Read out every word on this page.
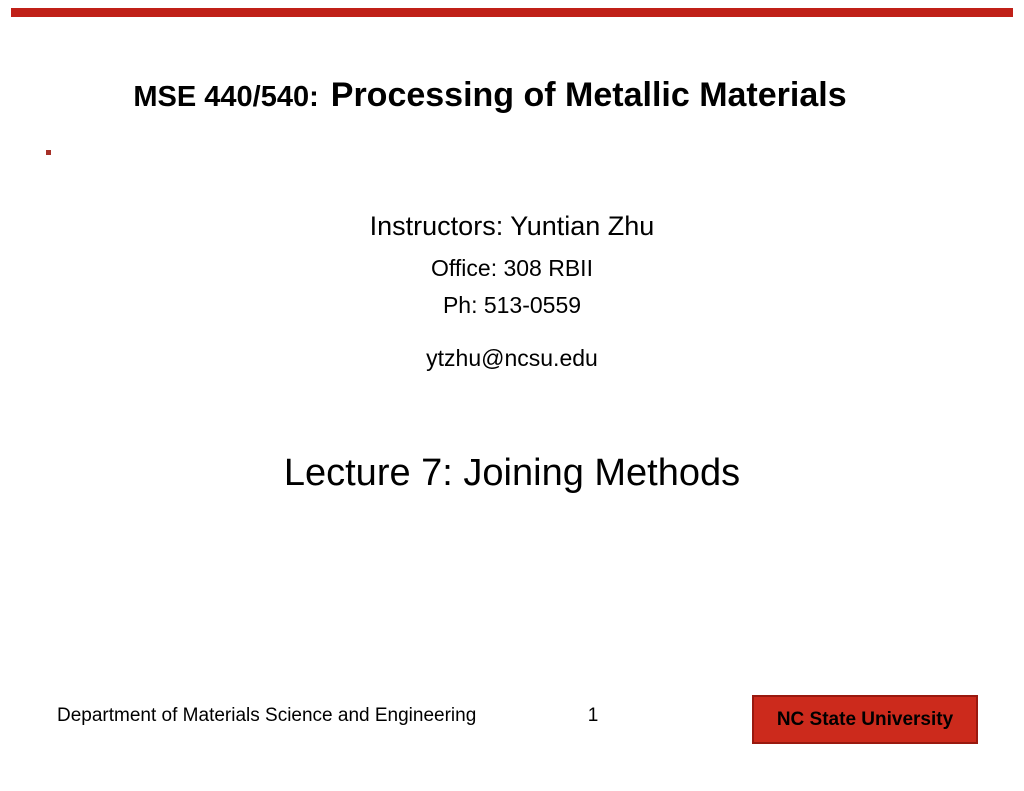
MSE 440/540: Processing of Metallic Materials
Instructors: Yuntian Zhu
Office: 308 RBII
Ph: 513-0559
ytzhu@ncsu.edu
Lecture 7: Joining Methods
Department of Materials Science and Engineering	1	NC State University
